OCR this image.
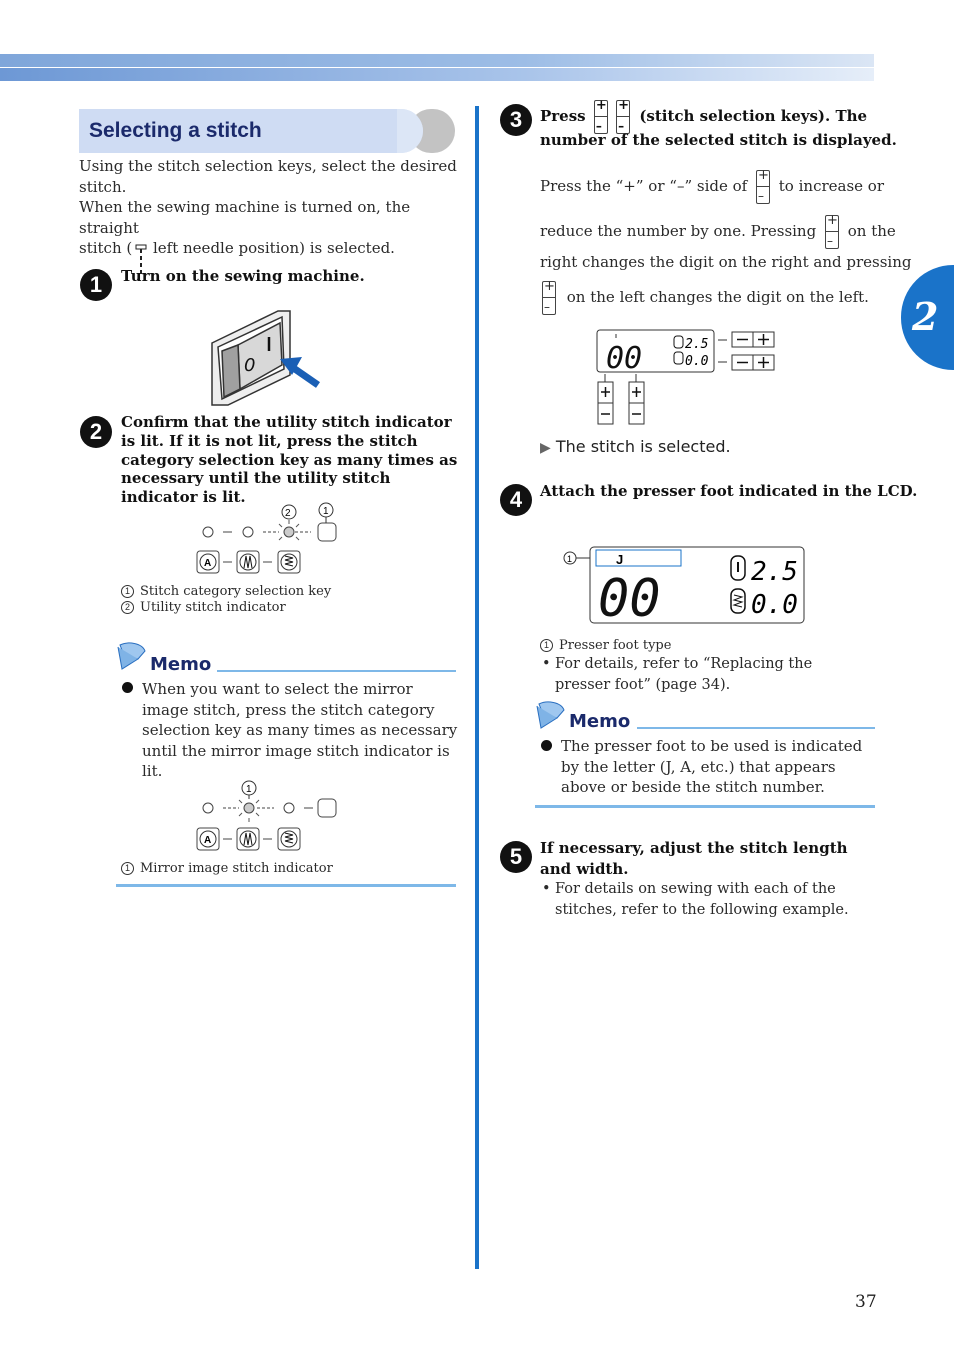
2
Selecting a stitch
Using the stitch selection keys, select the desired
stitch.
When the sewing machine is turned on, the straight
stitch ( left needle position) is selected.
1	Turn on the sewing machine.
0
2	Confirm that the utility stitch indicator is lit. If it is not lit, press the stitch category selection key as many times as necessary until the utility stitch indicator is lit.
2	1
A
1 Stitch category selection key
2 Utility stitch indicator
Memo
When you want to select the mirror image stitch, press the stitch category selection key as many times as necessary until the mirror image stitch indicator is lit.
1
A
1 Mirror image stitch indicator
3	Press +
– +
–	(stitch selection keys). The
number of the selected stitch is displayed.
Press the “+” or “–” side of +
– to increase or
reduce the number by one. Pressing +
– on the
right changes the digit on the right and pressing
+
– on the left changes the digit on the left.
00	2.5
0.0
▶ The stitch is selected.
4	Attach the presser foot indicated in the LCD.
1	J
00	2.5
0.0
1 Presser foot type
• For details, refer to “Replacing the presser foot” (page 34).
Memo
The presser foot to be used is indicated by the letter (J, A, etc.) that appears above or beside the stitch number.
5	If necessary, adjust the stitch length and width.
• For details on sewing with each of the stitches, refer to the following example.
37
